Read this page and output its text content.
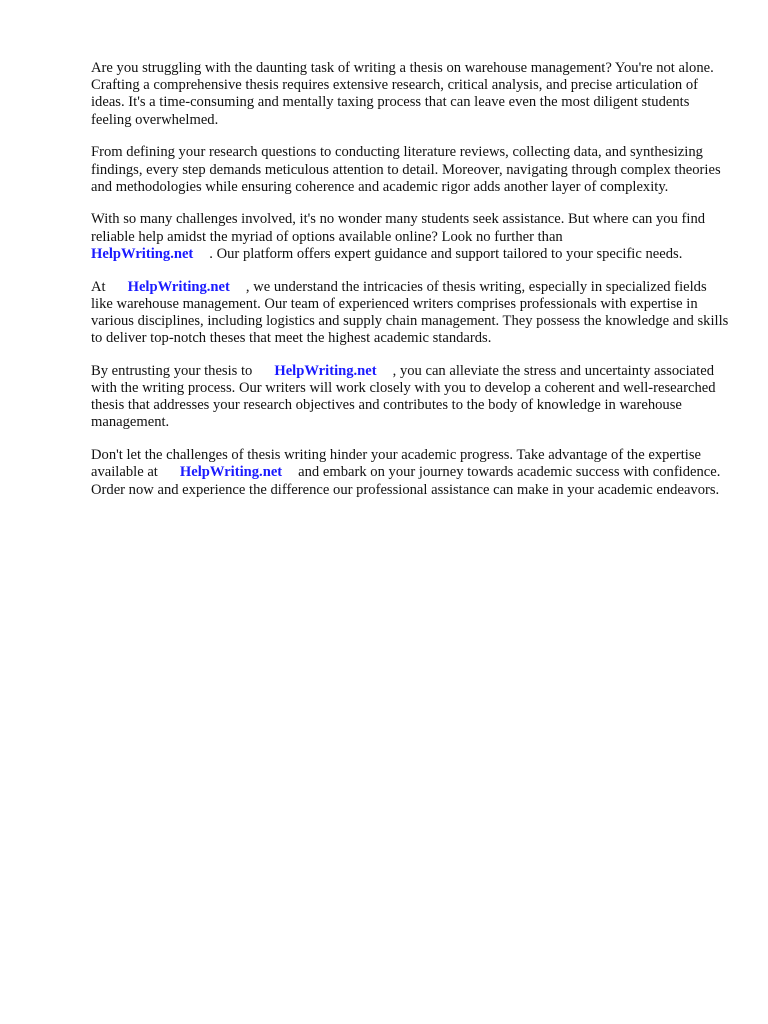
Are you struggling with the daunting task of writing a thesis on warehouse management? You're not alone. Crafting a comprehensive thesis requires extensive research, critical analysis, and precise articulation of ideas. It's a time-consuming and mentally taxing process that can leave even the most diligent students feeling overwhelmed.

From defining your research questions to conducting literature reviews, collecting data, and synthesizing findings, every step demands meticulous attention to detail. Moreover, navigating through complex theories and methodologies while ensuring coherence and academic rigor adds another layer of complexity.

With so many challenges involved, it's no wonder many students seek assistance. But where can you find reliable help amidst the myriad of options available online? Look no further than
HelpWriting.net . Our platform offers expert guidance and support tailored to your specific needs.

At HelpWriting.net , we understand the intricacies of thesis writing, especially in specialized fields like warehouse management. Our team of experienced writers comprises professionals with expertise in various disciplines, including logistics and supply chain management. They possess the knowledge and skills to deliver top-notch theses that meet the highest academic standards.

By entrusting your thesis to HelpWriting.net , you can alleviate the stress and uncertainty associated with the writing process. Our writers will work closely with you to develop a coherent and well-researched thesis that addresses your research objectives and contributes to the body of knowledge in warehouse management.

Don't let the challenges of thesis writing hinder your academic progress. Take advantage of the expertise available at HelpWriting.net and embark on your journey towards academic success with confidence. Order now and experience the difference our professional assistance can make in your academic endeavors.
